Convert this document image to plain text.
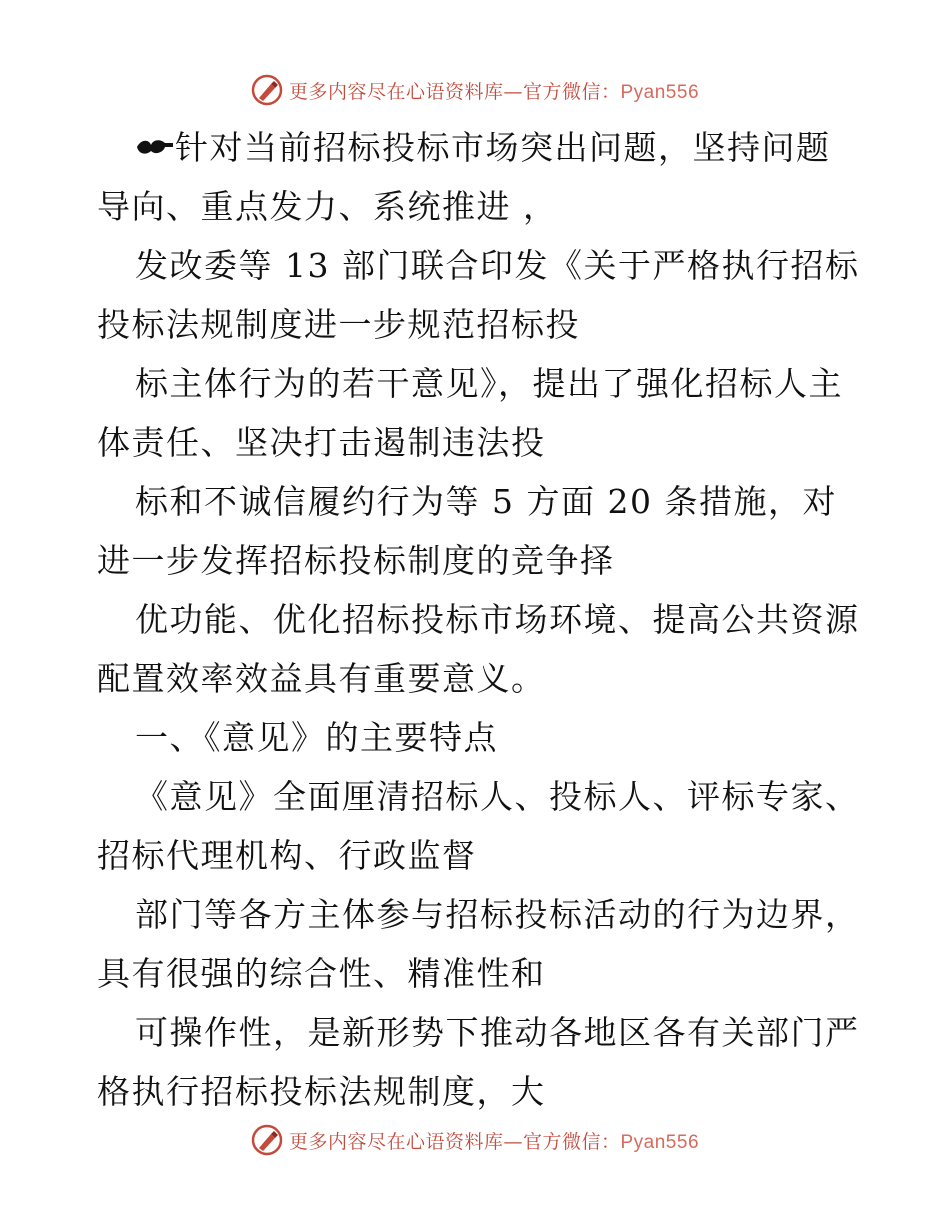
更多内容尽在心语资料库—官方微信：Pyan556
针对当前招标投标市场突出问题，坚持问题
导向、重点发力、系统推进 ，
发改委等 13 部门联合印发《关于严格执行招标
投标法规制度进一步规范招标投
标主体行为的若干意见》，提出了强化招标人主
体责任、坚决打击遏制违法投
标和不诚信履约行为等 5 方面 20 条措施，对
进一步发挥招标投标制度的竞争择
优功能、优化招标投标市场环境、提高公共资源
配置效率效益具有重要意义。
一、《意见》的主要特点
《意见》全面厘清招标人、投标人、评标专家、
招标代理机构、行政监督
部门等各方主体参与招标投标活动的行为边界，
具有很强的综合性、精准性和
可操作性，是新形势下推动各地区各有关部门严
格执行招标投标法规制度，大
更多内容尽在心语资料库—官方微信：Pyan556
